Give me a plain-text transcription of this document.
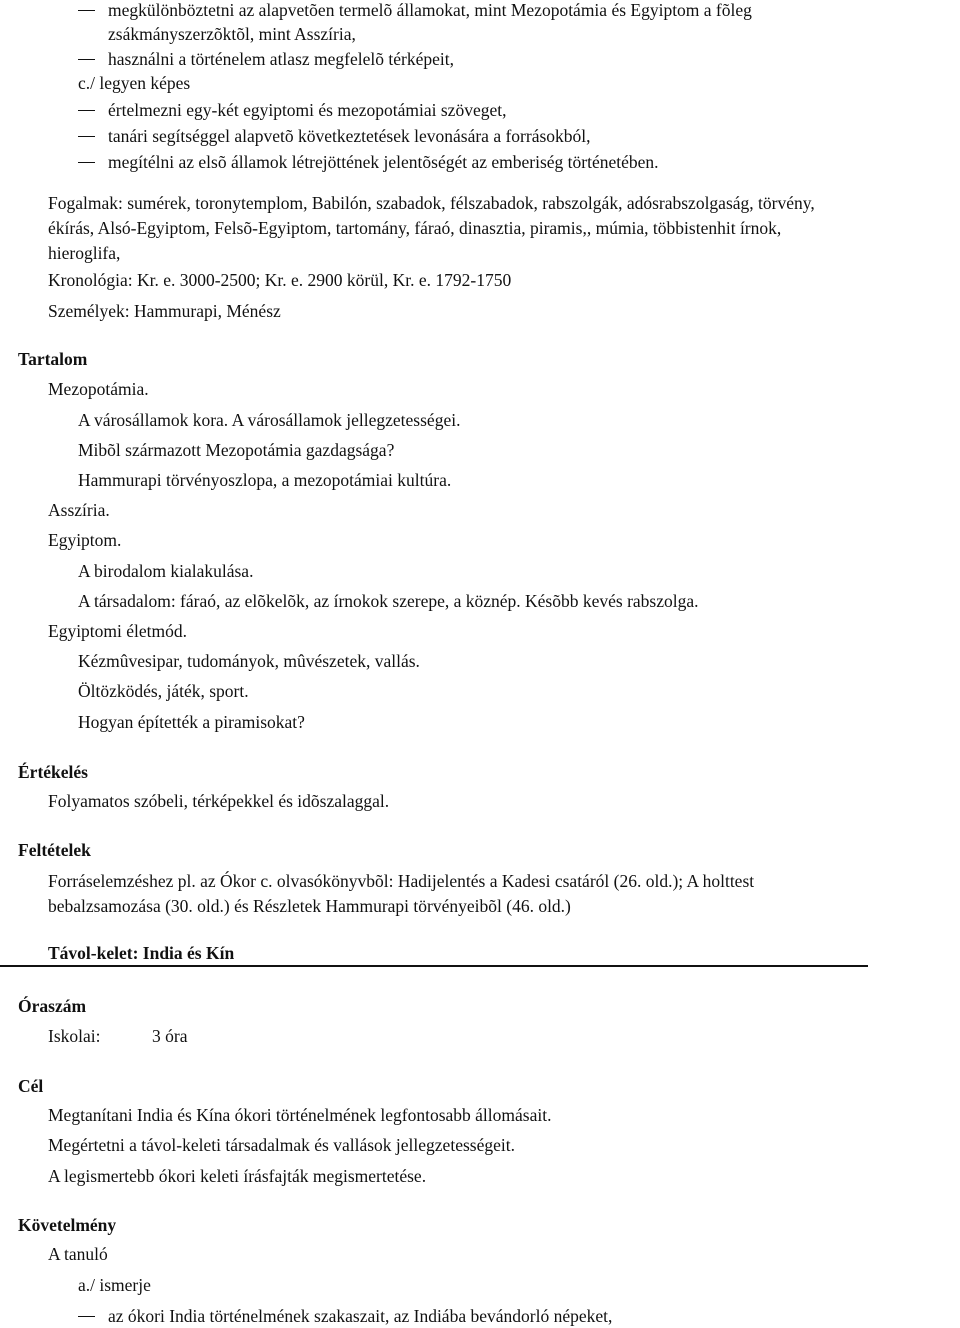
megkülönböztetni az alapvetõen termelõ államokat, mint Mezopotámia és Egyiptom a fõleg
zsákmányszerzõktõl, mint Asszíria,
használni a történelem atlasz megfelelõ térképeit,
c./ legyen képes
értelmezni egy-két egyiptomi és mezopotámiai szöveget,
tanári segítséggel alapvetõ következtetések levonására a forrásokból,
megítélni az elsõ államok létrejöttének jelentõségét az emberiség történetében.
Fogalmak: sumérek, toronytemplom, Babilón, szabadok, félszabadok, rabszolgák, adósrabszolgaság, törvény,
ékírás, Alsó-Egyiptom, Felsõ-Egyiptom, tartomány, fáraó, dinasztia, piramis,, múmia, többistenhit írnok,
hieroglifa,
Kronológia: Kr. e. 3000-2500; Kr. e. 2900 körül, Kr. e. 1792-1750
Személyek: Hammurapi, Ménész
Tartalom
Mezopotámia.
A városállamok kora. A városállamok jellegzetességei.
Mibõl származott Mezopotámia gazdagsága?
Hammurapi törvényoszlopa, a mezopotámiai kultúra.
Asszíria.
Egyiptom.
A birodalom kialakulása.
A társadalom: fáraó, az elõkelõk, az írnokok szerepe, a köznép. Késõbb kevés rabszolga.
Egyiptomi életmód.
Kézmûvesipar, tudományok, mûvészetek, vallás.
Öltözködés, játék, sport.
Hogyan építették a piramisokat?
Értékelés
Folyamatos szóbeli, térképekkel és idõszalaggal.
Feltételek
Forráselemzéshez pl. az Ókor c. olvasókönyvbõl: Hadijelentés a Kadesi csatáról (26. old.); A holttest
bebalzsamozása (30. old.) és Részletek Hammurapi törvényeibõl (46. old.)
Távol-kelet: India és Kín
Óraszám
Iskolai:	3 óra
Cél
Megtanítani India és Kína ókori történelmének legfontosabb állomásait.
Megértetni a távol-keleti társadalmak és vallások jellegzetességeit.
A legismertebb ókori keleti írásfajták megismertetése.
Követelmény
A tanuló
a./ ismerje
az ókori India történelmének szakaszait, az Indiába bevándorló népeket,
